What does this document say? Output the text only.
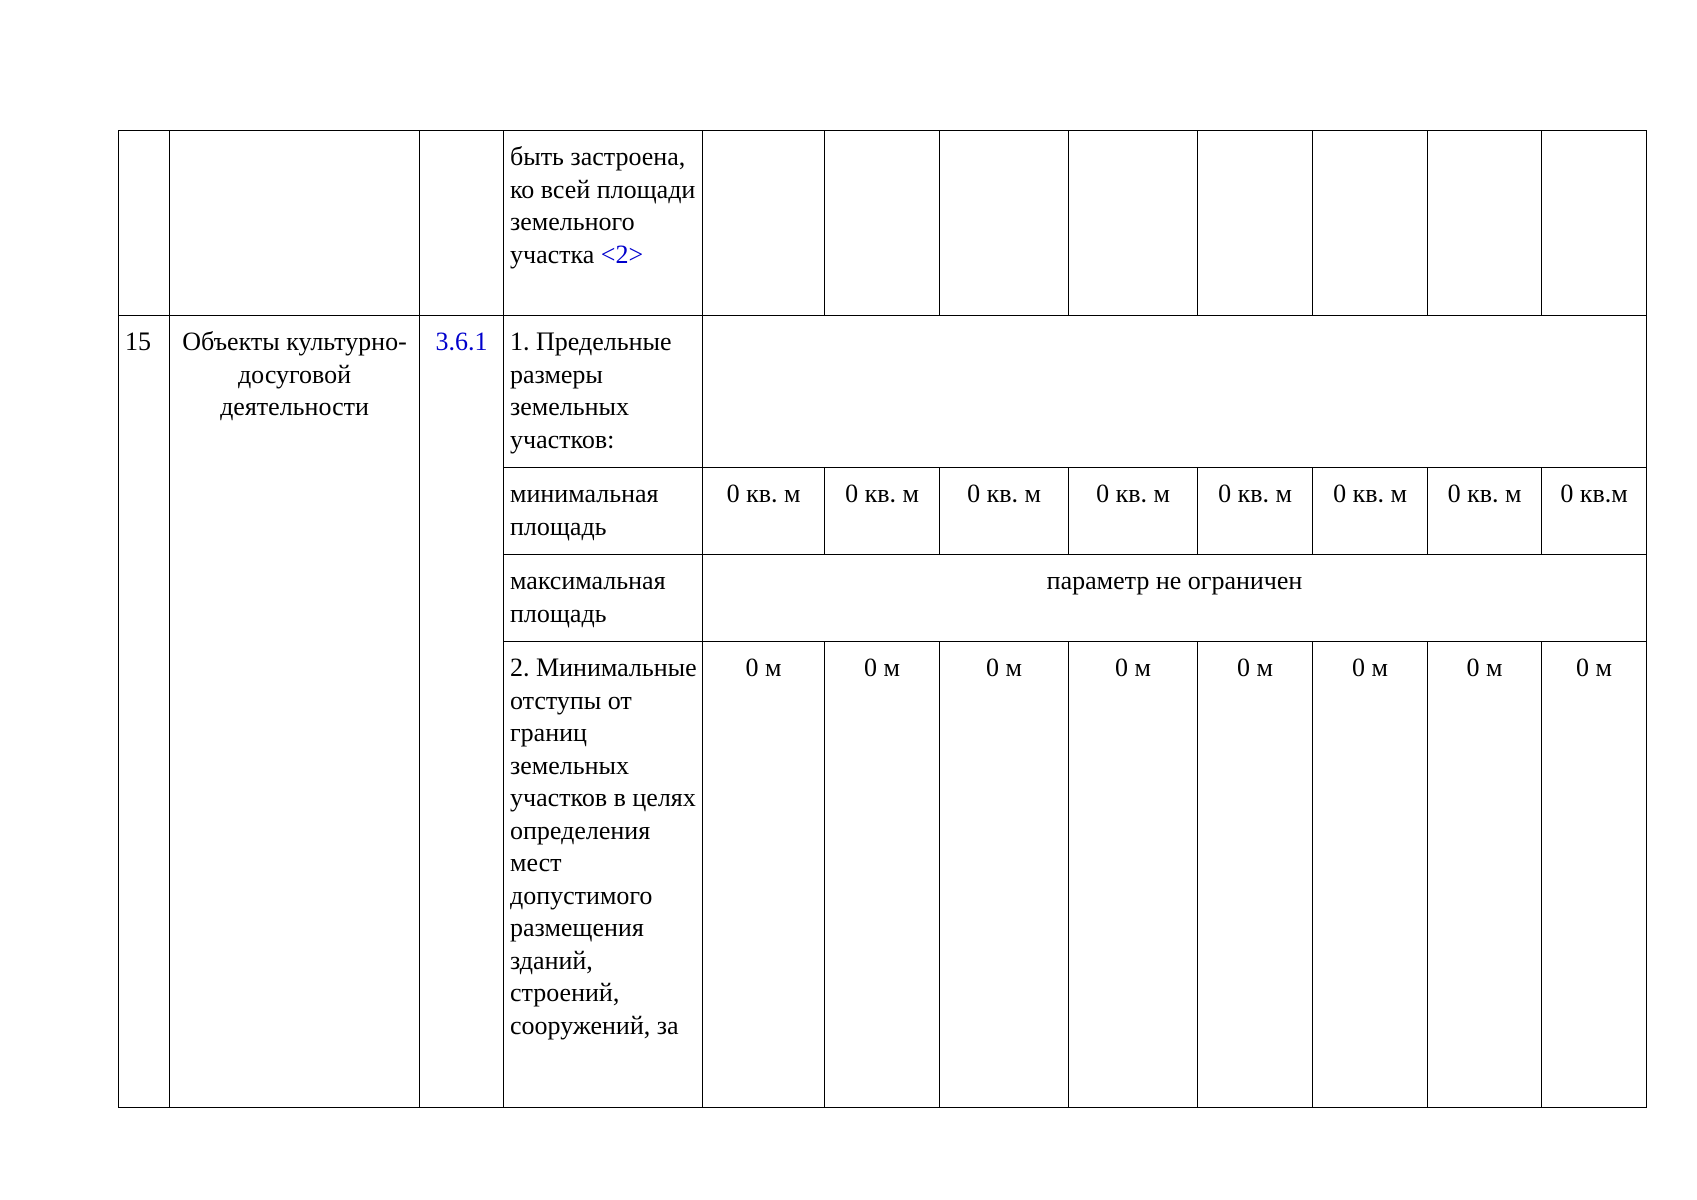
			быть застроена, ко всей площади земельного участка <2>								
15	Объекты культурно-досуговой деятельности	3.6.1	1. Предельные размеры земельных участков:								
			минимальная площадь	0 кв. м	0 кв. м	0 кв. м	0 кв. м	0 кв. м	0 кв. м	0 кв. м	0 кв.м
			максимальная площадь	параметр не ограничен							
			2. Минимальные отступы от границ земельных участков в целях определения мест допустимого размещения зданий, строений, сооружений, за	0 м	0 м	0 м	0 м	0 м	0 м	0 м	0 м
